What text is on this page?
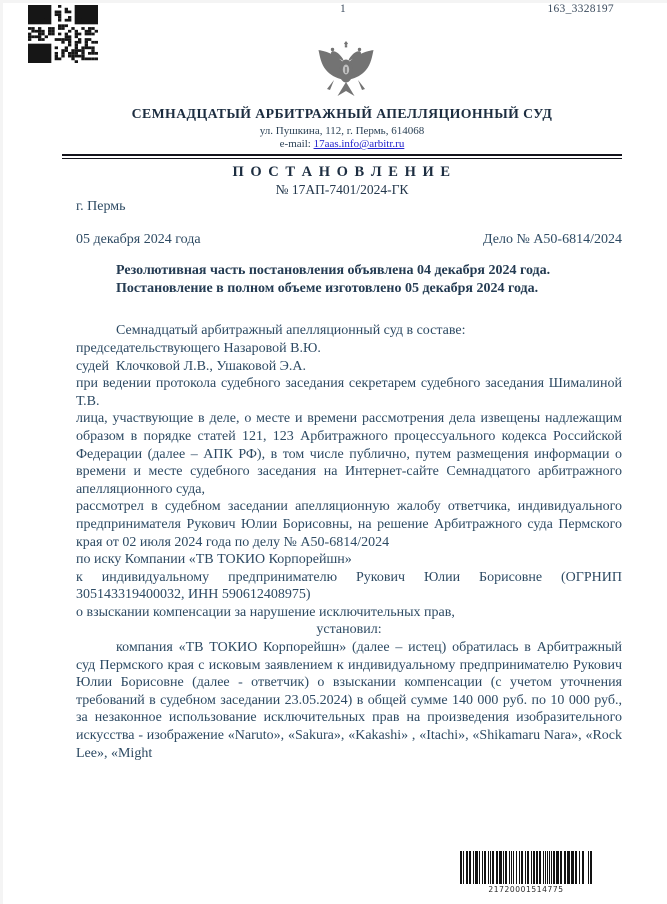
1	163_3328197
СЕМНАДЦАТЫЙ АРБИТРАЖНЫЙ АПЕЛЛЯЦИОННЫЙ СУД
ул. Пушкина, 112, г. Пермь, 614068
e-mail: 17aas.info@arbitr.ru
П О С Т А Н О В Л Е Н И Е
№ 17АП-7401/2024-ГК

г. Пермь

05 декабря 2024 года	Дело № А50-6814/2024

Резолютивная часть постановления объявлена 04 декабря 2024 года.

Постановление в полном объеме изготовлено 05 декабря 2024 года.

Семнадцатый арбитражный апелляционный суд в составе:

председательствующего Назаровой В.Ю.

судей  Клочковой Л.В., Ушаковой Э.А.

при ведении протокола судебного заседания секретарем судебного заседания Шималиной Т.В.

лица, участвующие в деле, о месте и времени рассмотрения дела извещены надлежащим образом в порядке статей 121, 123 Арбитражного процессуального кодекса Российской Федерации (далее – АПК РФ), в том числе публично, путем размещения информации о времени и месте судебного заседания на Интернет-сайте Семнадцатого арбитражного апелляционного суда,

рассмотрел в судебном заседании апелляционную жалобу ответчика, индивидуального предпринимателя Рукович Юлии Борисовны, на решение Арбитражного суда Пермского края от 02 июля 2024 года по делу № А50-6814/2024

по иску Компании «ТВ ТОКИО Корпорейшн»

к индивидуальному предпринимателю Рукович Юлии Борисовне (ОГРНИП 305143319400032, ИНН 590612408975)

о взыскании компенсации за нарушение исключительных прав,

установил:

компания «ТВ ТОКИО Корпорейшн» (далее – истец) обратилась в Арбитражный суд Пермского края с исковым заявлением к индивидуальному предпринимателю Рукович Юлии Борисовне (далее - ответчик) о взыскании компенсации (с учетом уточнения требований в судебном заседании 23.05.2024) в общей сумме 140 000 руб. по 10 000 руб., за незаконное использование исключительных прав на произведения изобразительного искусства - изображение «Naruto», «Sakura», «Kakashi» , «Itachi», «Shikamaru Nara», «Rock Lee», «Might

21720001514775
